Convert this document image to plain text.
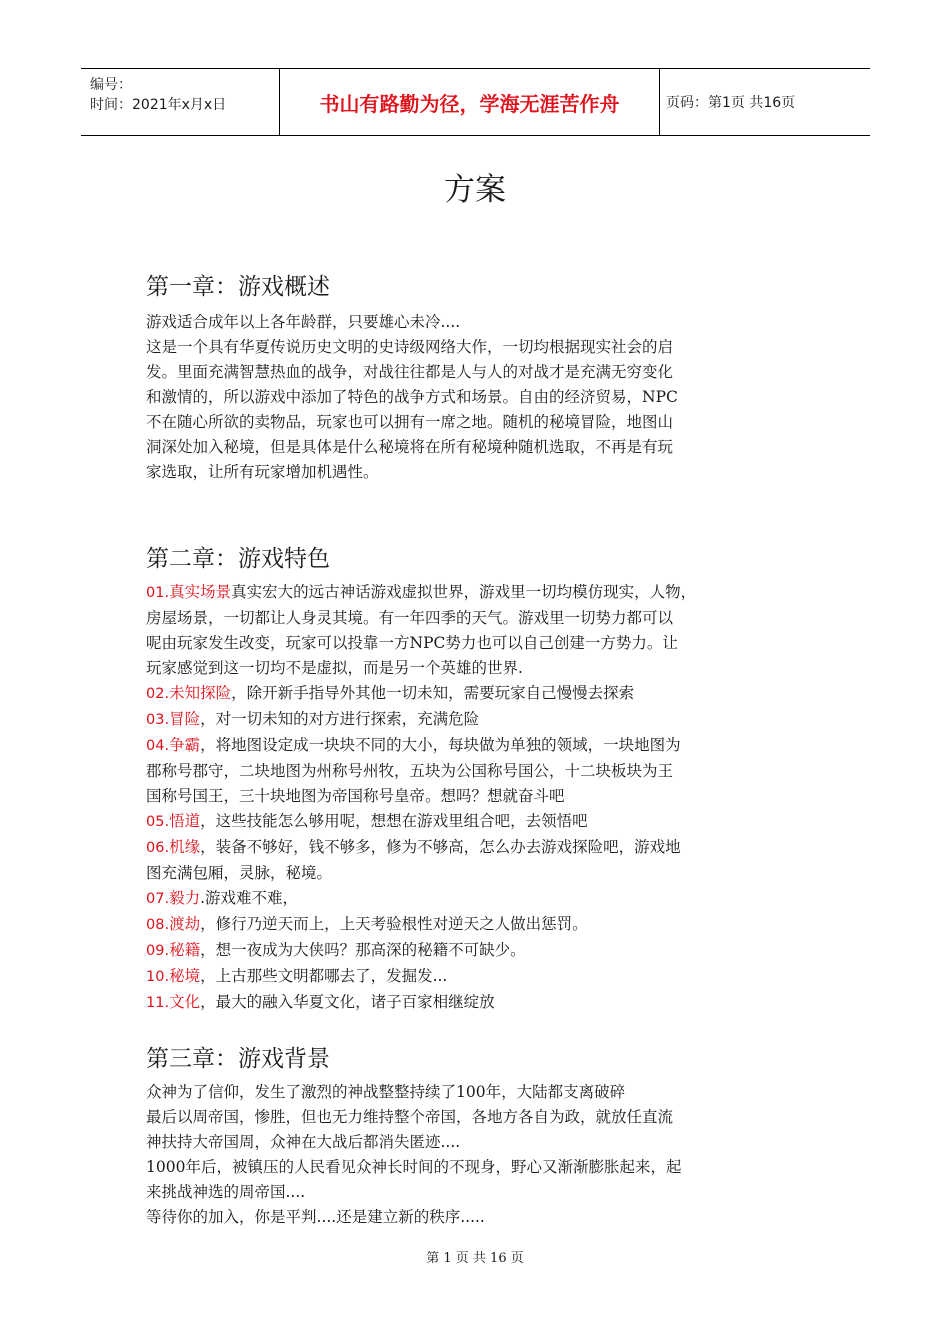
编号：
时间：2021年x月x日	书山有路勤为径，学海无涯苦作舟	页码：第1页 共16页
方案
第一章：游戏概述
游戏适合成年以上各年龄群，只要雄心未冷....
这是一个具有华夏传说历史文明的史诗级网络大作，一切均根据现实社会的启
发。里面充满智慧热血的战争，对战往往都是人与人的对战才是充满无穷变化
和激情的，所以游戏中添加了特色的战争方式和场景。自由的经济贸易，NPC
不在随心所欲的卖物品，玩家也可以拥有一席之地。随机的秘境冒险，地图山
洞深处加入秘境，但是具体是什么秘境将在所有秘境种随机选取，不再是有玩
家选取，让所有玩家增加机遇性。
第二章：游戏特色
01.真实场景真实宏大的远古神话游戏虚拟世界，游戏里一切均模仿现实，人物，
房屋场景，一切都让人身灵其境。有一年四季的天气。游戏里一切势力都可以
呢由玩家发生改变，玩家可以投靠一方NPC势力也可以自己创建一方势力。让
玩家感觉到这一切均不是虚拟，而是另一个英雄的世界.
02.未知探险，除开新手指导外其他一切未知，需要玩家自己慢慢去探索
03.冒险，对一切未知的对方进行探索，充满危险
04.争霸，将地图设定成一块块不同的大小，每块做为单独的领域，一块地图为
郡称号郡守，二块地图为州称号州牧，五块为公国称号国公，十二块板块为王
国称号国王，三十块地图为帝国称号皇帝。想吗？想就奋斗吧
05.悟道，这些技能怎么够用呢，想想在游戏里组合吧，去领悟吧
06.机缘，装备不够好，钱不够多，修为不够高，怎么办去游戏探险吧，游戏地
图充满包厢，灵脉，秘境。
07.毅力.游戏难不难，
08.渡劫，修行乃逆天而上，上天考验根性对逆天之人做出惩罚。
09.秘籍，想一夜成为大侠吗？那高深的秘籍不可缺少。
10.秘境，上古那些文明都哪去了，发掘发...
11.文化，最大的融入华夏文化，诸子百家相继绽放
第三章：游戏背景
众神为了信仰，发生了激烈的神战整整持续了100年，大陆都支离破碎
最后以周帝国，惨胜，但也无力维持整个帝国，各地方各自为政，就放任直流
神扶持大帝国周，众神在大战后都消失匿迹....
1000年后，被镇压的人民看见众神长时间的不现身，野心又渐渐膨胀起来，起
来挑战神选的周帝国....
等待你的加入，你是平判....还是建立新的秩序.....
第 1 页 共 16 页
